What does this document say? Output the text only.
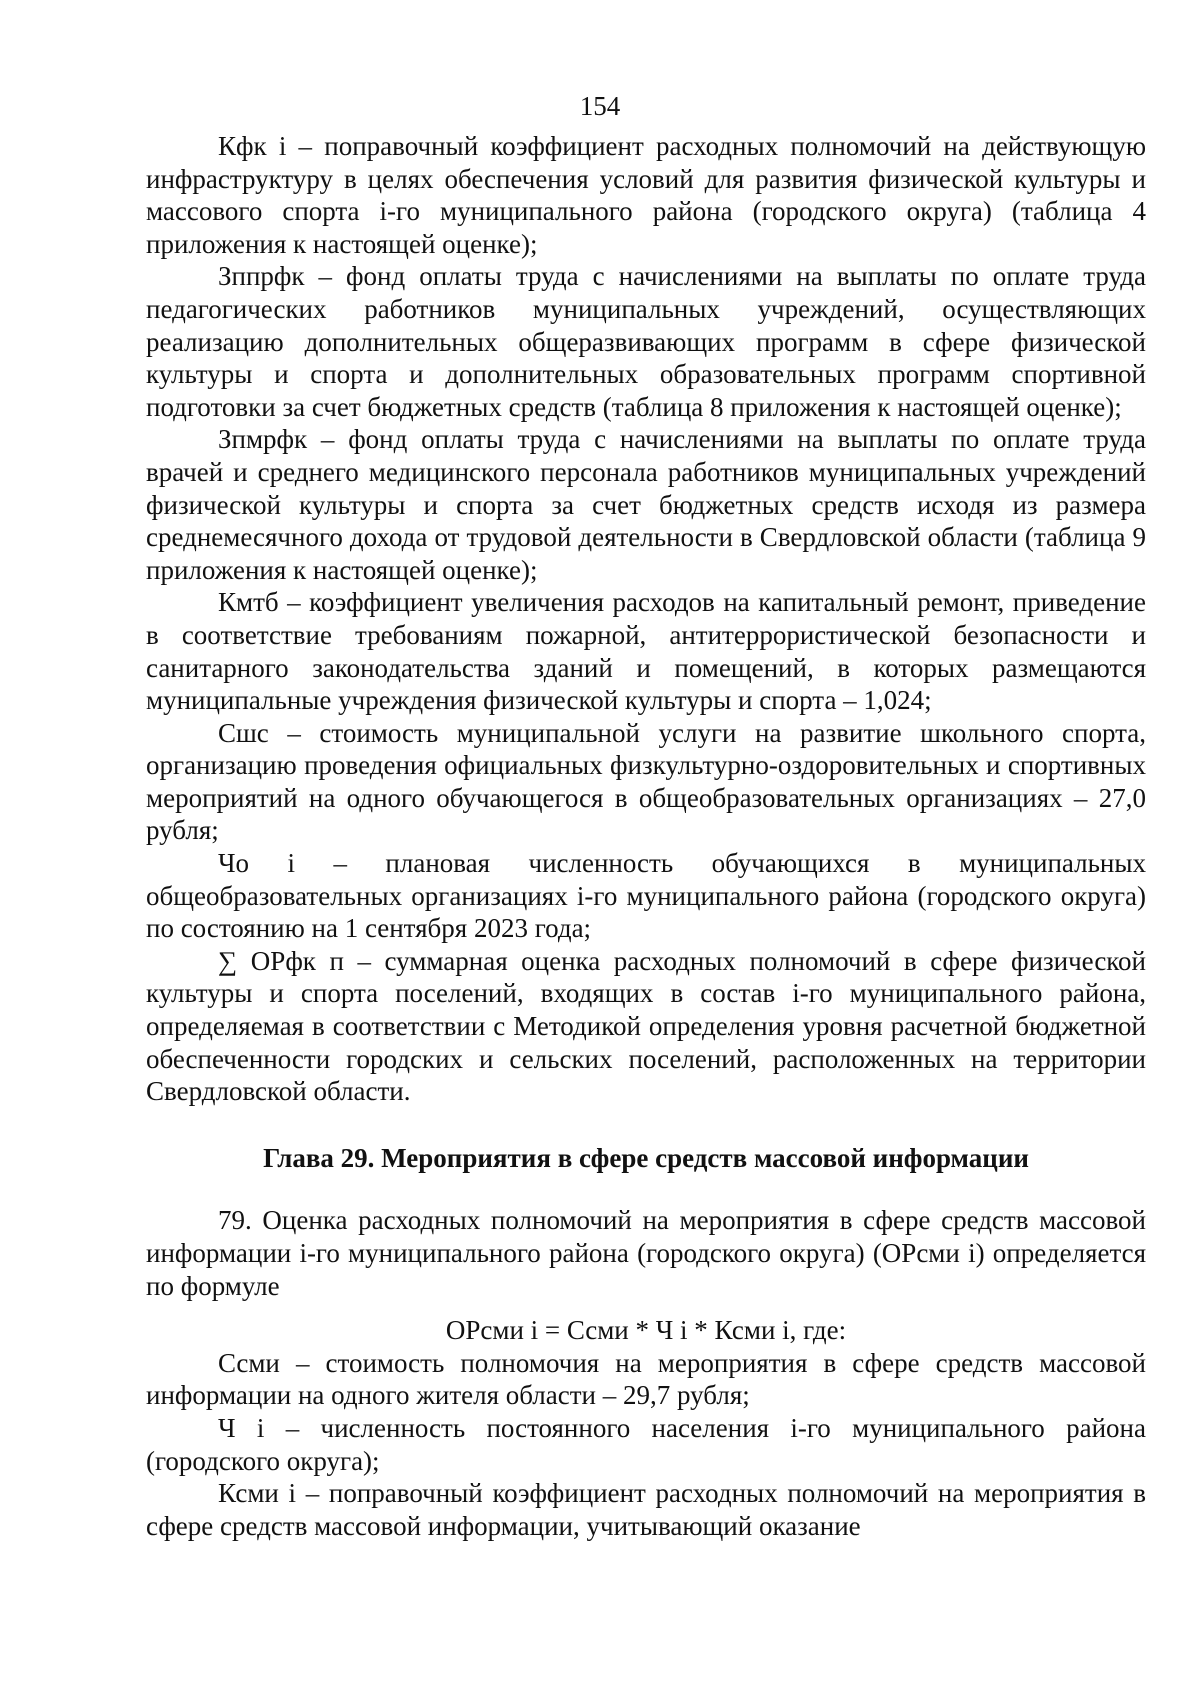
154

Кфк i – поправочный коэффициент расходных полномочий на действующую инфраструктуру в целях обеспечения условий для развития физической культуры и массового спорта i-го муниципального района (городского округа) (таблица 4 приложения к настоящей оценке);

Зппрфк – фонд оплаты труда с начислениями на выплаты по оплате труда педагогических работников муниципальных учреждений, осуществляющих реализацию дополнительных общеразвивающих программ в сфере физической культуры и спорта и дополнительных образовательных программ спортивной подготовки за счет бюджетных средств (таблица 8 приложения к настоящей оценке);

Зпмрфк – фонд оплаты труда с начислениями на выплаты по оплате труда врачей и среднего медицинского персонала работников муниципальных учреждений физической культуры и спорта за счет бюджетных средств исходя из размера среднемесячного дохода от трудовой деятельности в Свердловской области (таблица 9 приложения к настоящей оценке);

Кмтб – коэффициент увеличения расходов на капитальный ремонт, приведение в соответствие требованиям пожарной, антитеррористической безопасности и санитарного законодательства зданий и помещений, в которых размещаются муниципальные учреждения физической культуры и спорта – 1,024;

Сшс – стоимость муниципальной услуги на развитие школьного спорта, организацию проведения официальных физкультурно-оздоровительных и спортивных мероприятий на одного обучающегося в общеобразовательных организациях – 27,0 рубля;

Чо i – плановая численность обучающихся в муниципальных общеобразовательных организациях i-го муниципального района (городского округа) по состоянию на 1 сентября 2023 года;

∑ ОРфк п – суммарная оценка расходных полномочий в сфере физической культуры и спорта поселений, входящих в состав i-го муниципального района, определяемая в соответствии с Методикой определения уровня расчетной бюджетной обеспеченности городских и сельских поселений, расположенных на территории Свердловской области.

Глава 29. Мероприятия в сфере средств массовой информации

79. Оценка расходных полномочий на мероприятия в сфере средств массовой информации i-го муниципального района (городского округа) (ОРсми i) определяется по формуле

ОРсми i = Ссми * Ч i * Ксми i, где:

Ссми – стоимость полномочия на мероприятия в сфере средств массовой информации на одного жителя области – 29,7 рубля;

Ч i – численность постоянного населения i-го муниципального района (городского округа);

Ксми i – поправочный коэффициент расходных полномочий на мероприятия в сфере средств массовой информации, учитывающий оказание
